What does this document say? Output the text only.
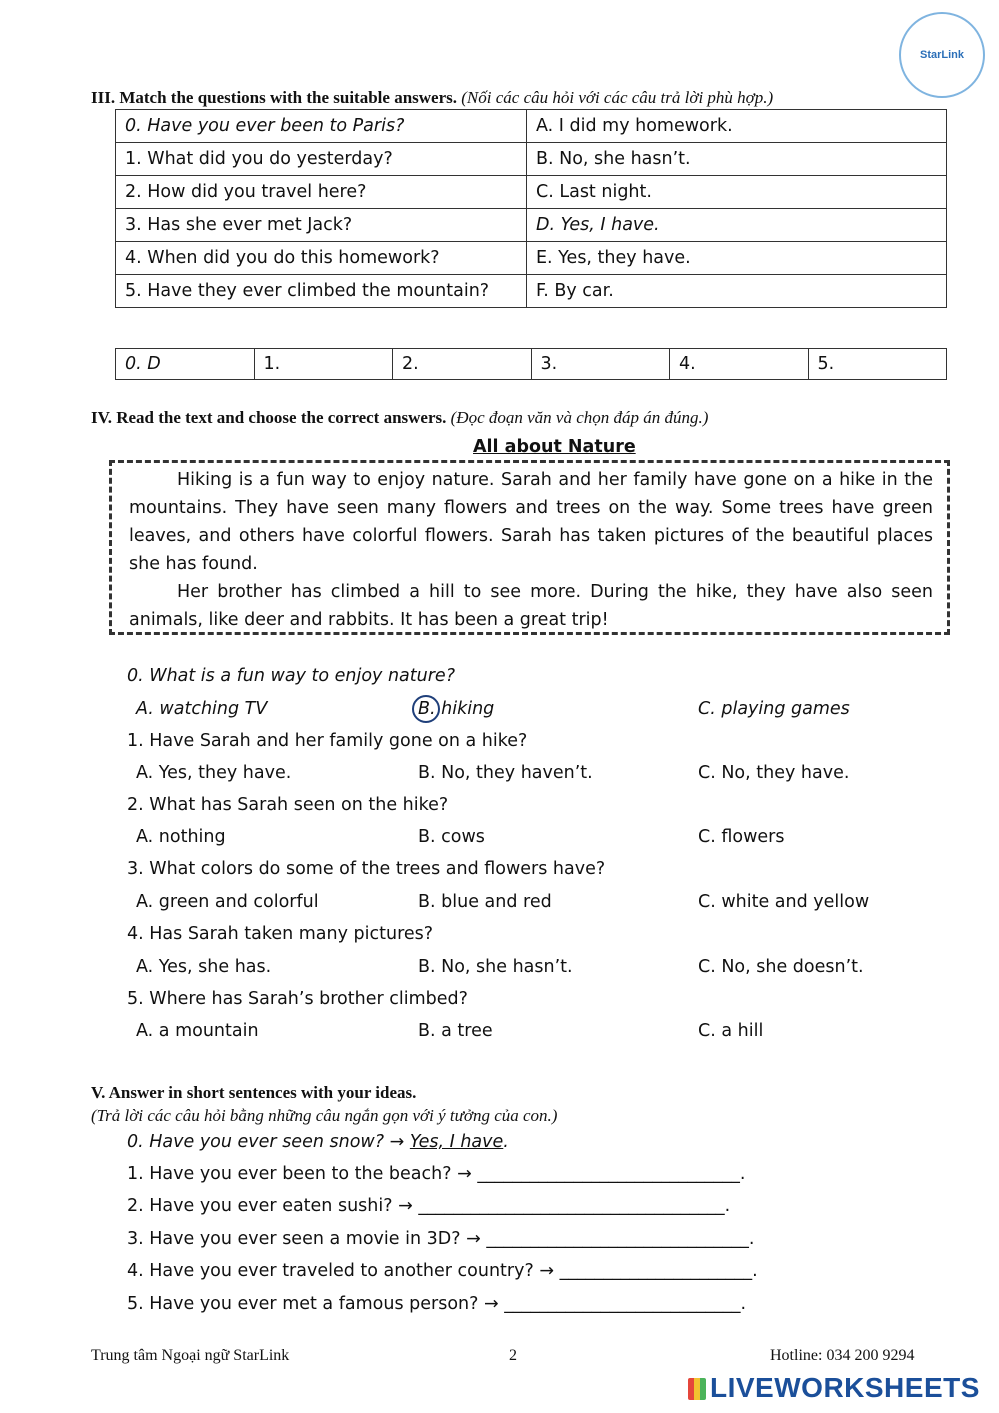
StarLink
III. Match the questions with the suitable answers. (Nối các câu hỏi với các câu trả lời phù hợp.)
0. Have you ever been to Paris?	A. I did my homework.
1. What did you do yesterday?	B. No, she hasn’t.
2. How did you travel here?	C. Last night.
3. Has she ever met Jack?	D. Yes, I have.
4. When did you do this homework?	E. Yes, they have.
5. Have they ever climbed the mountain?	F. By car.
0. D	1.	2.	3.	4.	5.
IV. Read the text and choose the correct answers. (Đọc đoạn văn và chọn đáp án đúng.)
All about Nature

Hiking is a fun way to enjoy nature. Sarah and her family have gone on a hike in the mountains. They have seen many flowers and trees on the way. Some trees have green leaves, and others have colorful flowers. Sarah has taken pictures of the beautiful places she has found.

Her brother has climbed a hill to see more. During the hike, they have also seen animals, like deer and rabbits. It has been a great trip!

0. What is a fun way to enjoy nature?
A. watching TV	B. hiking	C. playing games
1. Have Sarah and her family gone on a hike?
A. Yes, they have.	B. No, they haven’t.	C. No, they have.
2. What has Sarah seen on the hike?
A. nothing	B. cows	C. flowers
3. What colors do some of the trees and flowers have?
A. green and colorful	B. blue and red	C. white and yellow
4. Has Sarah taken many pictures?
A. Yes, she has.	B. No, she hasn’t.	C. No, she doesn’t.
5. Where has Sarah’s brother climbed?
A. a mountain	B. a tree	C. a hill
V. Answer in short sentences with your ideas.
(Trả lời các câu hỏi bằng những câu ngắn gọn với ý tưởng của con.)
0. Have you ever seen snow? → Yes, I have.
1. Have you ever been to the beach? → ______________________________.
2. Have you ever eaten sushi? → ___________________________________.
3. Have you ever seen a movie in 3D? → ______________________________.
4. Have you ever traveled to another country? → ______________________.
5. Have you ever met a famous person? → ___________________________.
Trung tâm Ngoại ngữ StarLink	2	Hotline: 034 200 9294
LIVEWORKSHEETS
